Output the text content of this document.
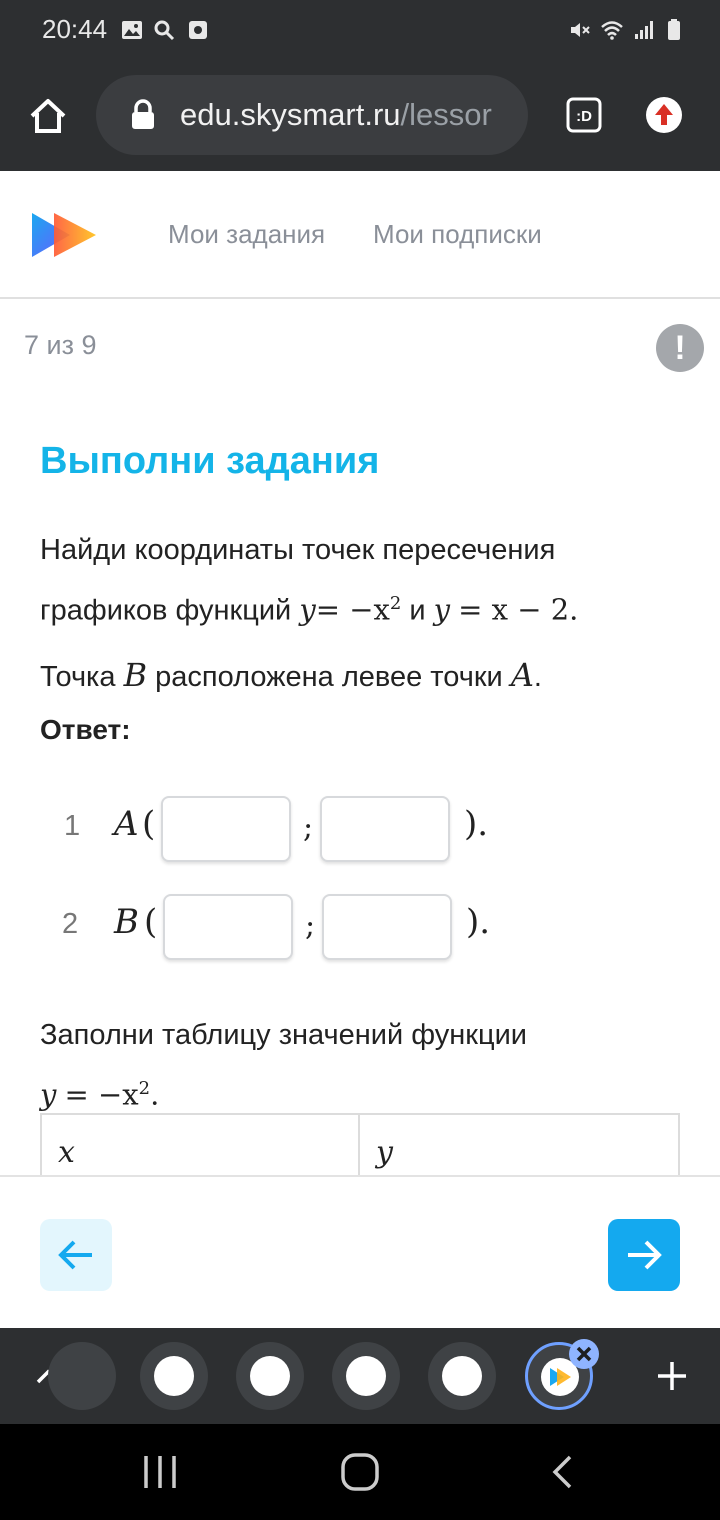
20:44
edu.skysmart.ru/lessor	:D
Мои задания Мои подписки
7 из 9	!
Выполни задания
Найди координаты точек пересечения
графиков функций $y= -x^2$ и y = x − 2.
Точка B расположена левее точки A.
Ответ:
1 A (	;	).
2 B (	;	).
Заполни таблицу значений функции
$y = -x^2$.
x	y
